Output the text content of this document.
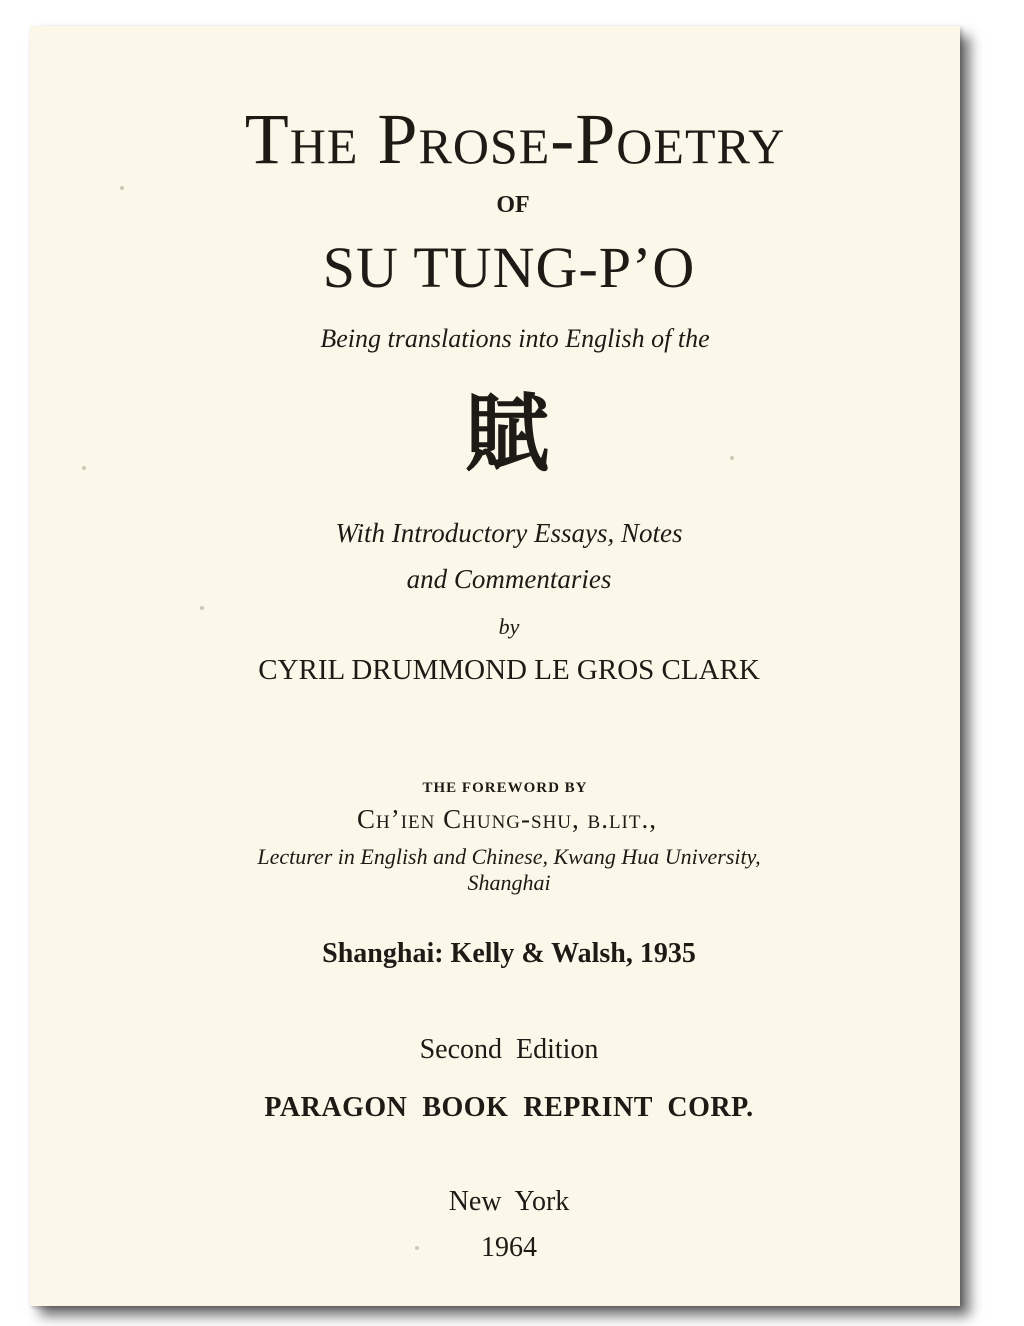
The Prose-Poetry
OF
SU TUNG-P’O
Being translations into English of the
賦
With Introductory Essays, Notes
and Commentaries
by
CYRIL DRUMMOND LE GROS CLARK
THE FOREWORD BY
Ch’ien Chung-shu, b.lit.,
Lecturer in English and Chinese, Kwang Hua University,
Shanghai
Shanghai: Kelly & Walsh, 1935
Second  Edition
PARAGON  BOOK  REPRINT  CORP.
New  York
1964
